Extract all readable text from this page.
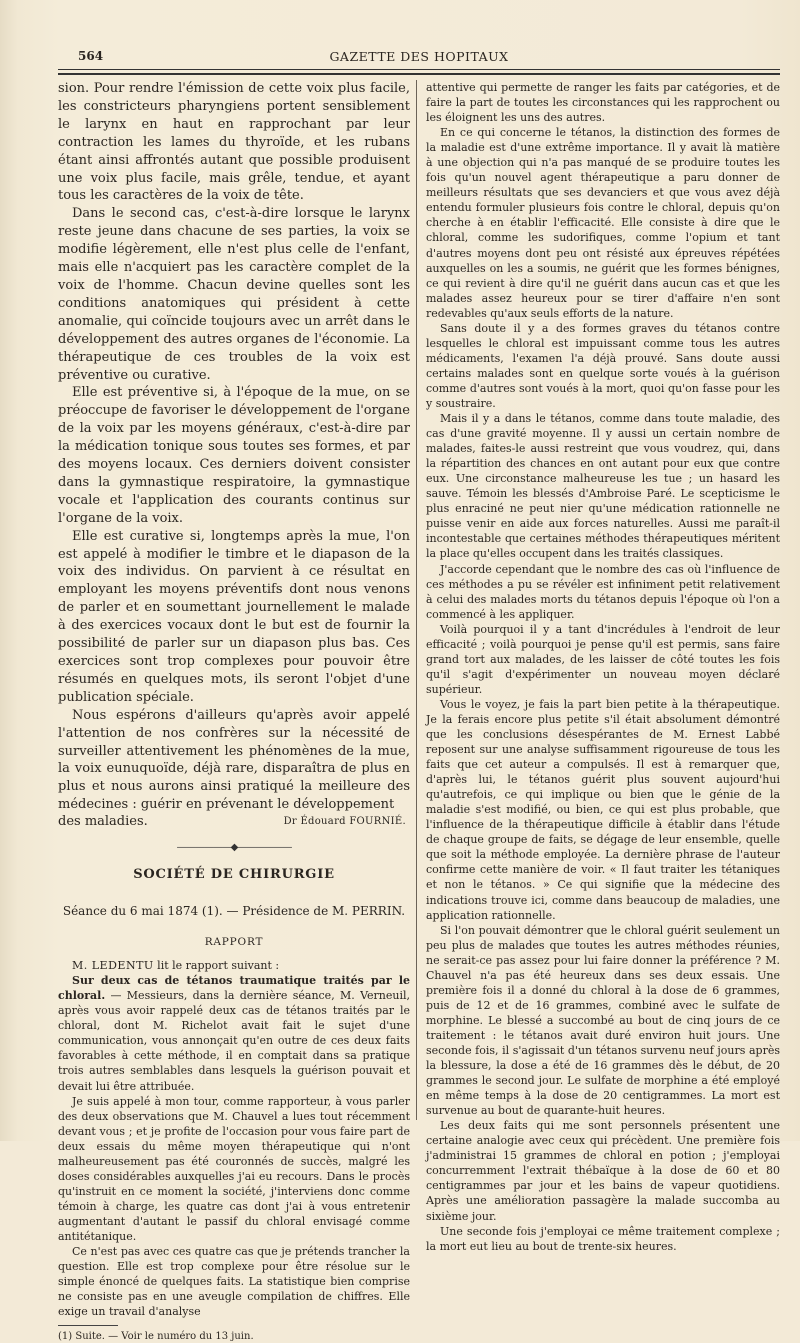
564	GAZETTE DES HOPITAUX

sion. Pour rendre l'émission de cette voix plus facile, les constricteurs pharyngiens portent sensiblement le larynx en haut en rapprochant par leur contraction les lames du thyroïde, et les rubans étant ainsi affrontés autant que possible produisent une voix plus facile, mais grêle, tendue, et ayant tous les caractères de la voix de tête.

Dans le second cas, c'est-à-dire lorsque le larynx reste jeune dans chacune de ses parties, la voix se modifie légèrement, elle n'est plus celle de l'enfant, mais elle n'acquiert pas les caractère complet de la voix de l'homme. Chacun devine quelles sont les conditions anatomiques qui président à cette anomalie, qui coïncide toujours avec un arrêt dans le développement des autres organes de l'économie. La thérapeutique de ces troubles de la voix est préventive ou curative.

Elle est préventive si, à l'époque de la mue, on se préoccupe de favoriser le développement de l'organe de la voix par les moyens généraux, c'est-à-dire par la médication tonique sous toutes ses formes, et par des moyens locaux. Ces derniers doivent consister dans la gymnastique respiratoire, la gymnastique vocale et l'application des courants continus sur l'organe de la voix.

Elle est curative si, longtemps après la mue, l'on est appelé à modifier le timbre et le diapason de la voix des individus. On parvient à ce résultat en employant les moyens préventifs dont nous venons de parler et en soumettant journellement le malade à des exercices vocaux dont le but est de fournir la possibilité de parler sur un diapason plus bas. Ces exercices sont trop complexes pour pouvoir être résumés en quelques mots, ils seront l'objet d'une publication spéciale.

Nous espérons d'ailleurs qu'après avoir appelé l'attention de nos confrères sur la nécessité de surveiller attentivement les phénomènes de la mue, la voix eunuquoïde, déjà rare, disparaîtra de plus en plus et nous aurons ainsi pratiqué la meilleure des médecines : guérir en prévenant le développement

des maladies.	Dr Édouard FOURNIÉ.
——————◆——————
SOCIÉTÉ DE CHIRURGIE
Séance du 6 mai 1874 (1). — Présidence de M. PERRIN.
RAPPORT

M. LEDENTU lit le rapport suivant :

Sur deux cas de tétanos traumatique traités par le chloral. — Messieurs, dans la dernière séance, M. Verneuil, après vous avoir rappelé deux cas de tétanos traités par le chloral, dont M. Richelot avait fait le sujet d'une communication, vous annonçait qu'en outre de ces deux faits favorables à cette méthode, il en comptait dans sa pratique trois autres semblables dans lesquels la guérison pouvait et devait lui être attribuée.

Je suis appelé à mon tour, comme rapporteur, à vous parler des deux observations que M. Chauvel a lues tout récemment devant vous ; et je profite de l'occasion pour vous faire part de deux essais du même moyen thérapeutique qui n'ont malheureusement pas été couronnés de succès, malgré les doses considérables auxquelles j'ai eu recours. Dans le procès qu'instruit en ce moment la société, j'interviens donc comme témoin à charge, les quatre cas dont j'ai à vous entretenir augmentant d'autant le passif du chloral envisagé comme antitétanique.

Ce n'est pas avec ces quatre cas que je prétends trancher la question. Elle est trop complexe pour être résolue sur le simple énoncé de quelques faits. La statistique bien comprise ne consiste pas en une aveugle compilation de chiffres. Elle exige un travail d'analyse

(1) Suite. — Voir le numéro du 13 juin.

attentive qui permette de ranger les faits par catégories, et de faire la part de toutes les circonstances qui les rapprochent ou les éloignent les uns des autres.

En ce qui concerne le tétanos, la distinction des formes de la maladie est d'une extrême importance. Il y avait là matière à une objection qui n'a pas manqué de se produire toutes les fois qu'un nouvel agent thérapeutique a paru donner de meilleurs résultats que ses devanciers et que vous avez déjà entendu formuler plusieurs fois contre le chloral, depuis qu'on cherche à en établir l'efficacité. Elle consiste à dire que le chloral, comme les sudorifiques, comme l'opium et tant d'autres moyens dont peu ont résisté aux épreuves répétées auxquelles on les a soumis, ne guérit que les formes bénignes, ce qui revient à dire qu'il ne guérit dans aucun cas et que les malades assez heureux pour se tirer d'affaire n'en sont redevables qu'aux seuls efforts de la nature.

Sans doute il y a des formes graves du tétanos contre lesquelles le chloral est impuissant comme tous les autres médicaments, l'examen l'a déjà prouvé. Sans doute aussi certains malades sont en quelque sorte voués à la guérison comme d'autres sont voués à la mort, quoi qu'on fasse pour les y soustraire.

Mais il y a dans le tétanos, comme dans toute maladie, des cas d'une gravité moyenne. Il y aussi un certain nombre de malades, faites-le aussi restreint que vous voudrez, qui, dans la répartition des chances en ont autant pour eux que contre eux. Une circonstance malheureuse les tue ; un hasard les sauve. Témoin les blessés d'Ambroise Paré. Le scepticisme le plus enraciné ne peut nier qu'une médication rationnelle ne puisse venir en aide aux forces naturelles. Aussi me paraît-il incontestable que certaines méthodes thérapeutiques méritent la place qu'elles occupent dans les traités classiques.

J'accorde cependant que le nombre des cas où l'influence de ces méthodes a pu se révéler est infiniment petit relativement à celui des malades morts du tétanos depuis l'époque où l'on a commencé à les appliquer.

Voilà pourquoi il y a tant d'incrédules à l'endroit de leur efficacité ; voilà pourquoi je pense qu'il est permis, sans faire grand tort aux malades, de les laisser de côté toutes les fois qu'il s'agit d'expérimenter un nouveau moyen déclaré supérieur.

Vous le voyez, je fais la part bien petite à la thérapeutique. Je la ferais encore plus petite s'il était absolument démontré que les conclusions désespérantes de M. Ernest Labbé reposent sur une analyse suffisamment rigoureuse de tous les faits que cet auteur a compulsés. Il est à remarquer que, d'après lui, le tétanos guérit plus souvent aujourd'hui qu'autrefois, ce qui implique ou bien que le génie de la maladie s'est modifié, ou bien, ce qui est plus probable, que l'influence de la thérapeutique difficile à établir dans l'étude de chaque groupe de faits, se dégage de leur ensemble, quelle que soit la méthode employée. La dernière phrase de l'auteur confirme cette manière de voir. « Il faut traiter les tétaniques et non le tétanos. » Ce qui signifie que la médecine des indications trouve ici, comme dans beaucoup de maladies, une application rationnelle.

Si l'on pouvait démontrer que le chloral guérit seulement un peu plus de malades que toutes les autres méthodes réunies, ne serait-ce pas assez pour lui faire donner la préférence ? M. Chauvel n'a pas été heureux dans ses deux essais. Une première fois il a donné du chloral à la dose de 6 grammes, puis de 12 et de 16 grammes, combiné avec le sulfate de morphine. Le blessé a succombé au bout de cinq jours de ce traitement : le tétanos avait duré environ huit jours. Une seconde fois, il s'agissait d'un tétanos survenu neuf jours après la blessure, la dose a été de 16 grammes dès le début, de 20 grammes le second jour. Le sulfate de morphine a été employé en même temps à la dose de 20 centigrammes. La mort est survenue au bout de quarante-huit heures.

Les deux faits qui me sont personnels présentent une certaine analogie avec ceux qui précèdent. Une première fois j'administrai 15 grammes de chloral en potion ; j'employai concurremment l'extrait thébaïque à la dose de 60 et 80 centigrammes par jour et les bains de vapeur quotidiens. Après une amélioration passagère la malade succomba au sixième jour.

Une seconde fois j'employai ce même traitement complexe ; la mort eut lieu au bout de trente-six heures.
